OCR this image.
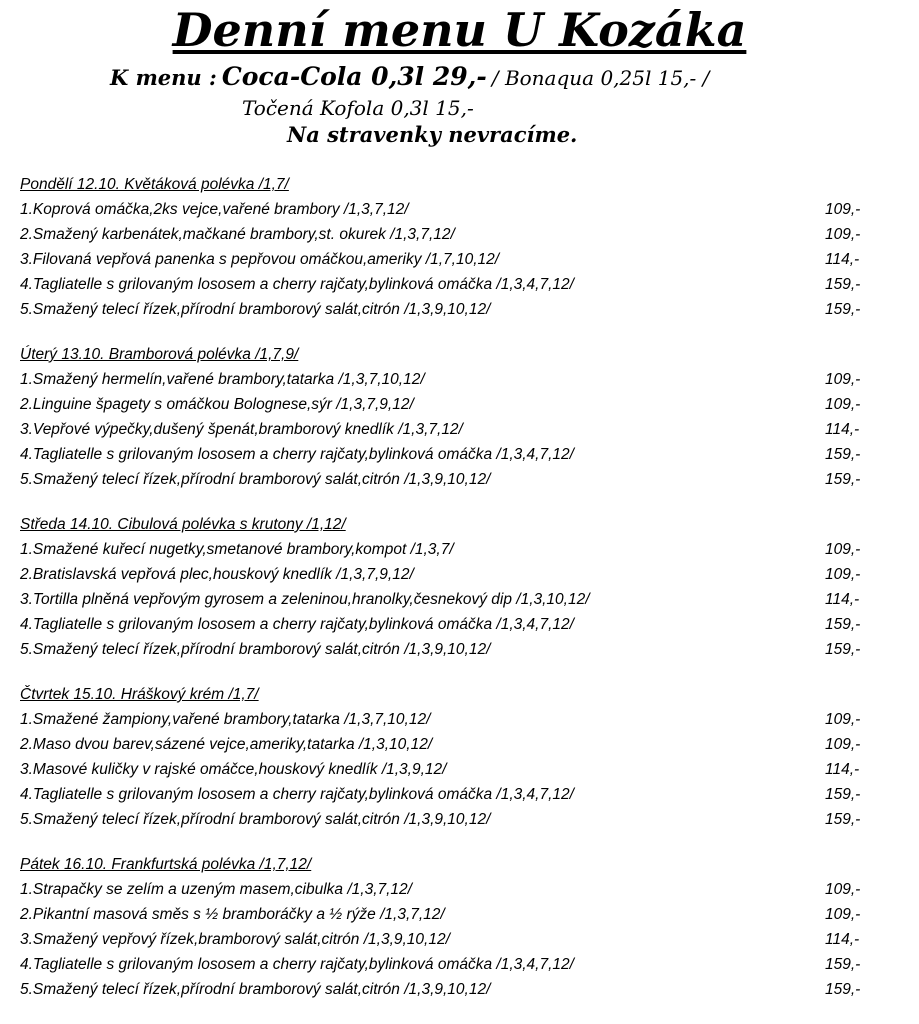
Denní menu U Kozáka
K menu : Coca-Cola 0,3l 29,- / Bonaqua 0,25l 15,- /
Točená Kofola 0,3l 15,-
Na stravenky nevracíme.
Pondělí 12.10. Květáková polévka /1,7/
1.Koprová omáčka,2ks vejce,vařené brambory /1,3,7,12/	109,-
2.Smažený karbenátek,mačkané brambory,st. okurek /1,3,7,12/	109,-
3.Filovaná vepřová panenka s pepřovou omáčkou,ameriky /1,7,10,12/	114,-
4.Tagliatelle s grilovaným lososem a cherry rajčaty,bylinková omáčka /1,3,4,7,12/	159,-
5.Smažený telecí řízek,přírodní bramborový salát,citrón /1,3,9,10,12/	159,-
Úterý 13.10. Bramborová polévka /1,7,9/
1.Smažený hermelín,vařené brambory,tatarka /1,3,7,10,12/	109,-
2.Linguine špagety s omáčkou Bolognese,sýr /1,3,7,9,12/	109,-
3.Vepřové výpečky,dušený špenát,bramborový knedlík /1,3,7,12/	114,-
4.Tagliatelle s grilovaným lososem a cherry rajčaty,bylinková omáčka /1,3,4,7,12/	159,-
5.Smažený telecí řízek,přírodní bramborový salát,citrón /1,3,9,10,12/	159,-
Středa 14.10. Cibulová polévka s krutony /1,12/
1.Smažené kuřecí nugetky,smetanové brambory,kompot /1,3,7/	109,-
2.Bratislavská vepřová plec,houskový knedlík /1,3,7,9,12/	109,-
3.Tortilla plněná vepřovým gyrosem a zeleninou,hranolky,česnekový dip /1,3,10,12/	114,-
4.Tagliatelle s grilovaným lososem a cherry rajčaty,bylinková omáčka /1,3,4,7,12/	159,-
5.Smažený telecí řízek,přírodní bramborový salát,citrón /1,3,9,10,12/	159,-
Čtvrtek 15.10. Hráškový krém /1,7/
1.Smažené žampiony,vařené brambory,tatarka /1,3,7,10,12/	109,-
2.Maso dvou barev,sázené vejce,ameriky,tatarka /1,3,10,12/	109,-
3.Masové kuličky v rajské omáčce,houskový knedlík /1,3,9,12/	114,-
4.Tagliatelle s grilovaným lososem a cherry rajčaty,bylinková omáčka /1,3,4,7,12/	159,-
5.Smažený telecí řízek,přírodní bramborový salát,citrón /1,3,9,10,12/	159,-
Pátek 16.10. Frankfurtská polévka /1,7,12/
1.Strapačky se zelím a uzeným masem,cibulka /1,3,7,12/	109,-
2.Pikantní masová směs s ½ bramboráčky a ½ rýže /1,3,7,12/	109,-
3.Smažený vepřový řízek,bramborový salát,citrón /1,3,9,10,12/	114,-
4.Tagliatelle s grilovaným lososem a cherry rajčaty,bylinková omáčka /1,3,4,7,12/	159,-
5.Smažený telecí řízek,přírodní bramborový salát,citrón /1,3,9,10,12/	159,-
